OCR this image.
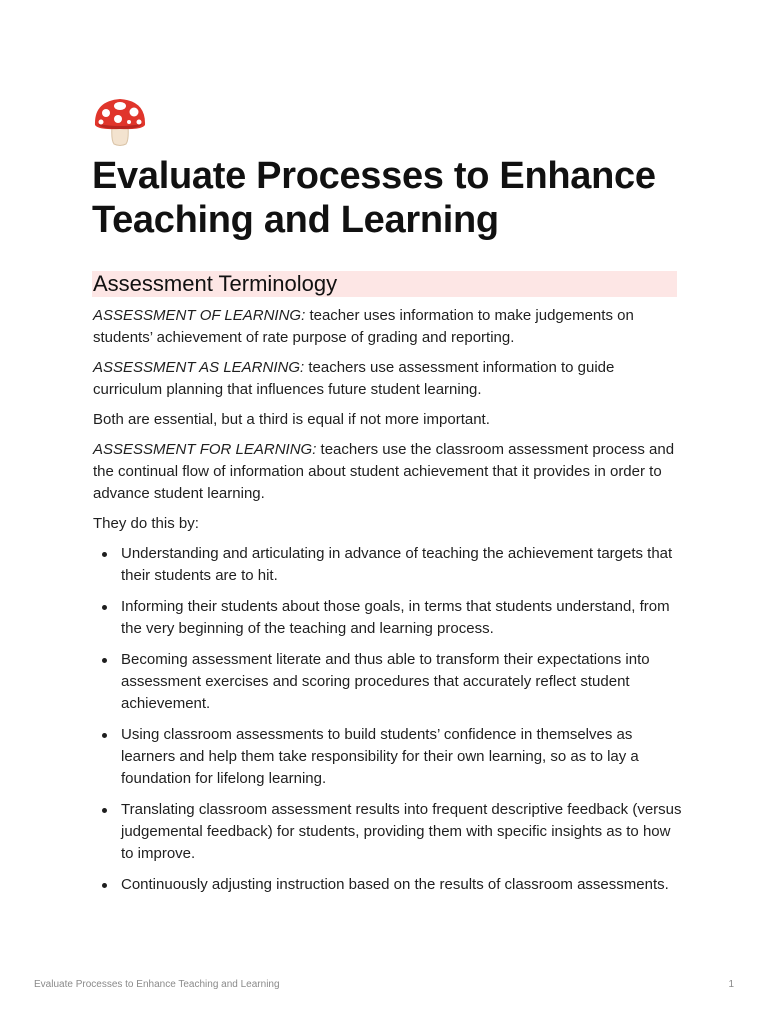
Evaluate Processes to Enhance Teaching and Learning
Assessment Terminology

ASSESSMENT OF LEARNING: teacher uses information to make judgements on students’ achievement of rate purpose of grading and reporting.

ASSESSMENT AS LEARNING: teachers use assessment information to guide curriculum planning that influences future student learning.

Both are essential, but a third is equal if not more important.

ASSESSMENT FOR LEARNING: teachers use the classroom assessment process and the continual flow of information about student achievement that it provides in order to advance student learning.

They do this by:

Understanding and articulating in advance of teaching the achievement targets that their students are to hit.
Informing their students about those goals, in terms that students understand, from the very beginning of the teaching and learning process.
Becoming assessment literate and thus able to transform their expectations into assessment exercises and scoring procedures that accurately reflect student achievement.
Using classroom assessments to build students’ confidence in themselves as learners and help them take responsibility for their own learning, so as to lay a foundation for lifelong learning.
Translating classroom assessment results into frequent descriptive feedback (versus judgemental feedback) for students, providing them with specific insights as to how to improve.
Continuously adjusting instruction based on the results of classroom assessments.
Evaluate Processes to Enhance Teaching and Learning	1
